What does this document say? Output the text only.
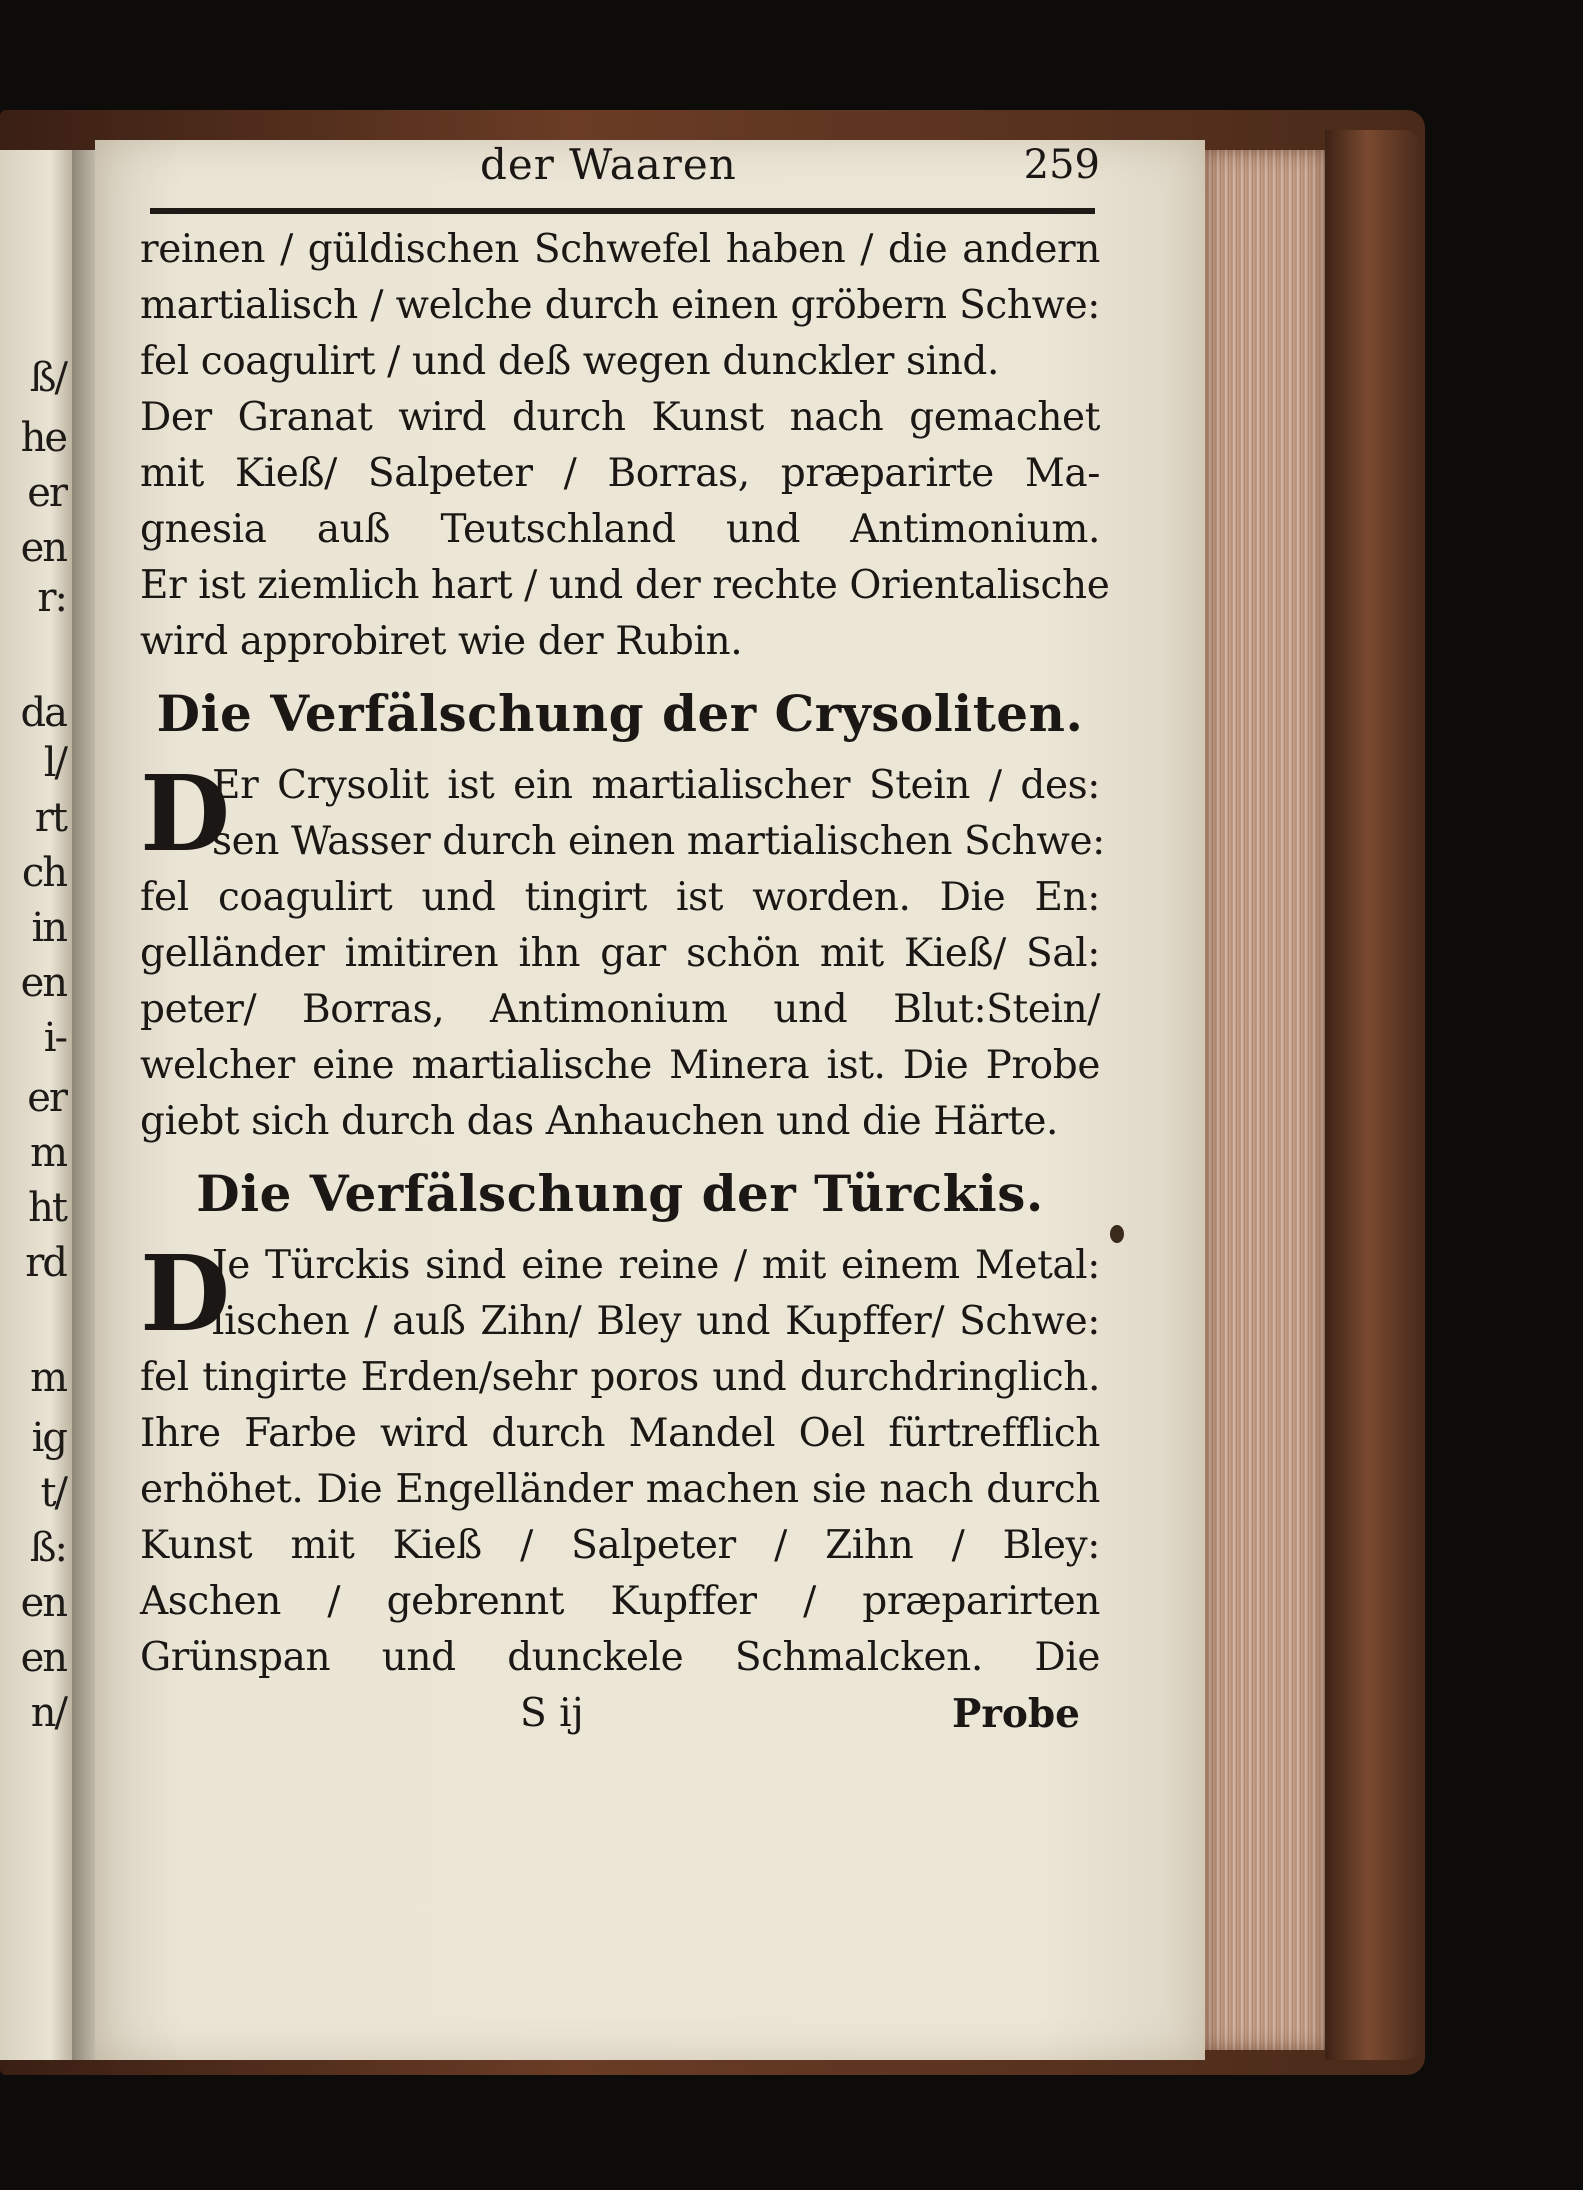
ß/
he
er
en
r:
da
l/
rt
ch
in
en
i-
er
m
ht
rd
m
ig
t/
ß:
en
en
n/
der Waaren	259
reinen / güldischen Schwefel haben / die andern
martialisch / welche durch einen gröbern Schwe:
fel coagulirt / und deß wegen dunckler sind.
Der Granat wird durch Kunst nach gemachet
mit Kieß/ Salpeter / Borras, præparirte Ma-
gnesia auß Teutschland und Antimonium.
Er ist ziemlich hart / und der rechte Orientalische
wird approbiret wie der Rubin.
Die Verfälschung der Crysoliten.
D
Er Crysolit ist ein martialischer Stein / des:
sen Wasser durch einen martialischen Schwe:
fel coagulirt und tingirt ist worden. Die En:
gelländer imitiren ihn gar schön mit Kieß/ Sal:
peter/ Borras, Antimonium und Blut:Stein/
welcher eine martialische Minera ist. Die Probe
giebt sich durch das Anhauchen und die Härte.
Die Verfälschung der Türckis.
D
Je Türckis sind eine reine / mit einem Metal:
lischen / auß Zihn/ Bley und Kupffer/ Schwe:
fel tingirte Erden/sehr poros und durchdringlich.
Ihre Farbe wird durch Mandel Oel fürtrefflich
erhöhet. Die Engelländer machen sie nach durch
Kunst mit Kieß / Salpeter / Zihn / Bley:
Aschen / gebrennt Kupffer / præparirten
Grünspan und dunckele Schmalcken. Die
S ij	Probe
